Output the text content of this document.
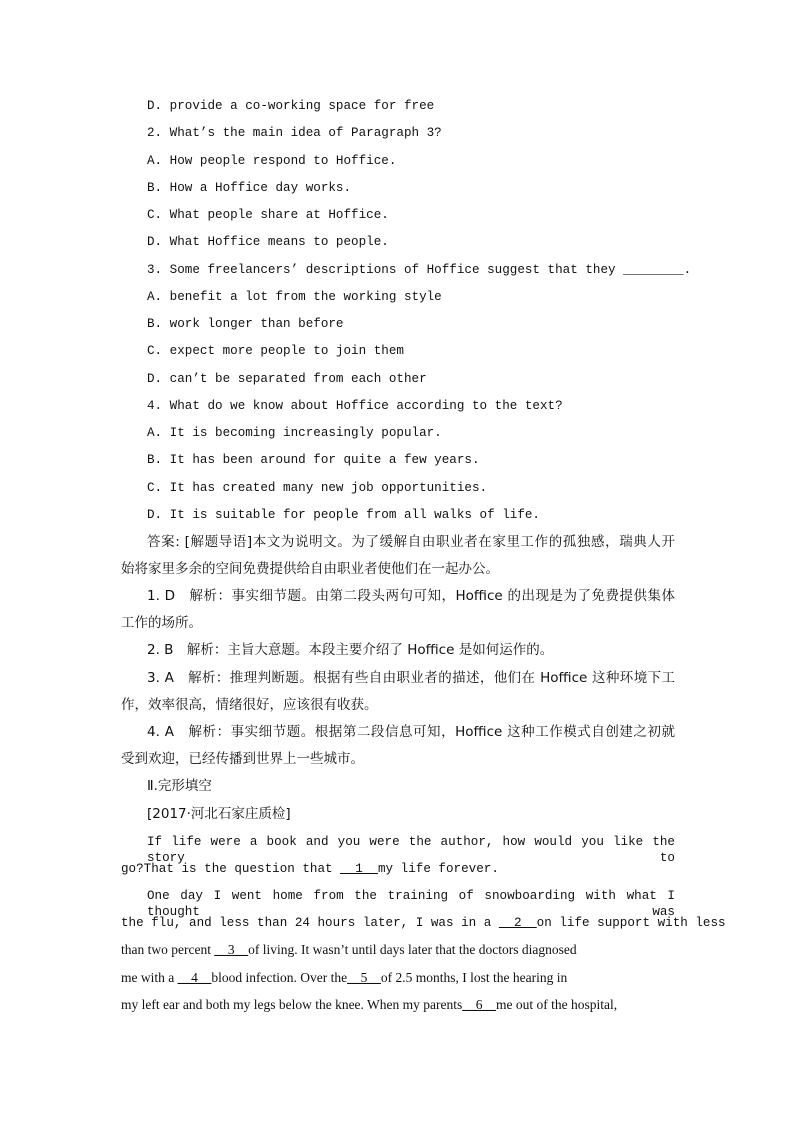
D. provide a co-working space for free
2. What’s the main idea of Paragraph 3?
A. How people respond to Hoffice.
B. How a Hoffice day works.
C. What people share at Hoffice.
D. What Hoffice means to people.
3. Some freelancers’ descriptions of Hoffice suggest that they ________.
A. benefit a lot from the working style
B. work longer than before
C. expect more people to join them
D. can’t be separated from each other
4. What do we know about Hoffice according to the text?
A. It is becoming increasingly popular.
B. It has been around for quite a few years.
C. It has created many new job opportunities.
D. It is suitable for people from all walks of life.
答案: [解题导语]本文为说明文。为了缓解自由职业者在家里工作的孤独感，瑞典人开
始将家里多余的空间免费提供给自由职业者使他们在一起办公。
1. D　解析：事实细节题。由第二段头两句可知，Hoffice 的出现是为了免费提供集体
工作的场所。
2. B　解析：主旨大意题。本段主要介绍了 Hoffice 是如何运作的。
3. A　解析：推理判断题。根据有些自由职业者的描述，他们在 Hoffice 这种环境下工
作，效率很高，情绪很好，应该很有收获。
4. A　解析：事实细节题。根据第二段信息可知，Hoffice 这种工作模式自创建之初就
受到欢迎，已经传播到世界上一些城市。
Ⅱ.完形填空
[2017·河北石家庄质检]
If life were a book and you were the author, how would you like the story to
go?That is the question that __1__my life forever.
One day I went home from the training of snowboarding with what I thought was
the flu, and less than 24 hours later, I was in a __2__on life support with less
than two percent __3__of living. It wasn’t until days later that the doctors diagnosed
me with a __4__blood infection. Over the__5__of 2.5 months, I lost the hearing in
my left ear and both my legs below the knee. When my parents__6__me out of the hospital,
